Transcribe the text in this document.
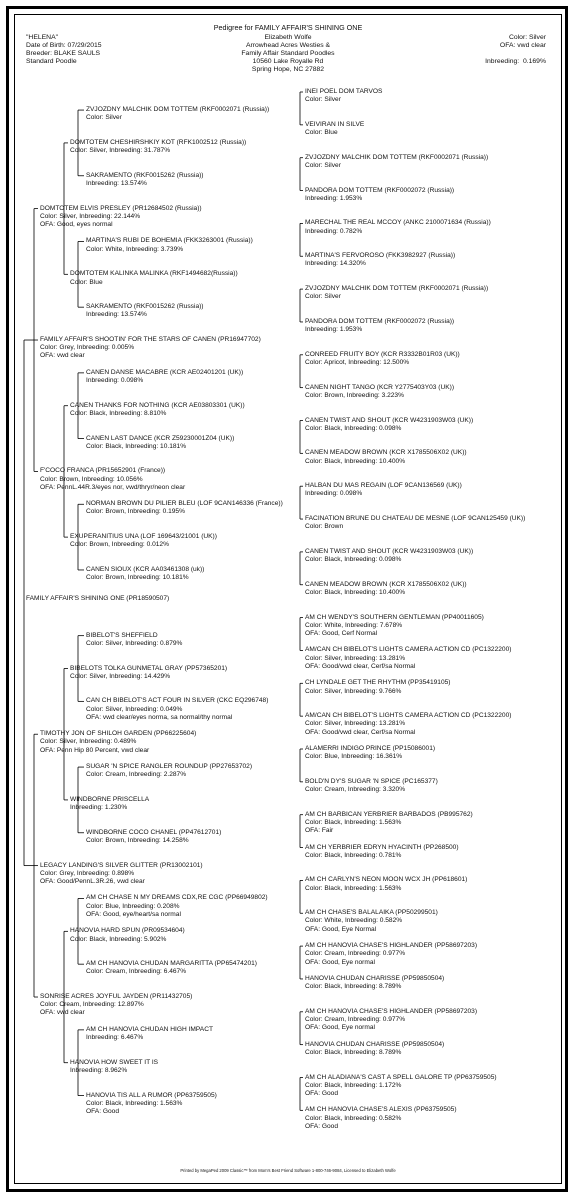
Pedigree for FAMILY AFFAIR'S SHINING ONE
"HELENA"
Date of Birth: 07/29/2015
Breeder: BLAKE SAULS
Standard Poodle
Elizabeth Wolfe
Arrowhead Acres Westies &
Family Affair Standard Poodles
10560 Lake Royalle Rd
Spring Hope, NC 27882
Color: Silver
OFA: vwd clear
Inbreeding: 0.169%
INEI POEL DOM TARVOS
Color: Silver
VEIVIRAN IN SILVE
Color: Blue
ZVJOZDNY MALCHIK DOM TOTTEM (RKF0002071 (Russia))
Color: Silver
PANDORA DOM TOTTEM (RKF0002072 (Russia))
Inbreeding: 1.953%
MARECHAL THE REAL MCCOY (ANKC 2100071634 (Russia))
Inbreeding: 0.782%
MARTINA'S FERVOROSO (FKK3982927 (Russia))
Inbreeding: 14.320%
ZVJOZDNY MALCHIK DOM TOTTEM (RKF0002071 (Russia))
Color: Silver
PANDORA DOM TOTTEM (RKF0002072 (Russia))
Inbreeding: 1.953%
CONREED FRUITY BOY (KCR R3332B01R03 (UK))
Color: Apricot, Inbreeding: 12.500%
CANEN NIGHT TANGO (KCR Y2775403Y03 (UK))
Color: Brown, Inbreeding: 3.223%
CANEN TWIST AND SHOUT (KCR W4231903W03 (UK))
Color: Black, Inbreeding: 0.098%
CANEN MEADOW BROWN (KCR X1785506X02 (UK))
Color: Black, Inbreeding: 10.400%
HALBAN DU MAS REGAIN (LOF 9CAN136569 (UK))
Inbreeding: 0.098%
FACINATION BRUNE DU CHATEAU DE MESNE (LOF 9CAN125459 (UK))
Color: Brown
CANEN TWIST AND SHOUT (KCR W4231903W03 (UK))
Color: Black, Inbreeding: 0.098%
CANEN MEADOW BROWN (KCR X1785506X02 (UK))
Color: Black, Inbreeding: 10.400%
AM CH WENDY'S SOUTHERN GENTLEMAN (PP40011605)
Color: White, Inbreeding: 7.678%
OFA: Good, Cerf Normal
AM/CAN CH BIBELOT'S LIGHTS CAMERA ACTION CD (PC1322200)
Color: Silver, Inbreeding: 13.281%
OFA: Good/vwd clear, Cerf/sa Normal
CH LYNDALE GET THE RHYTHM (PP35419105)
Color: Silver, Inbreeding: 9.766%
AM/CAN CH BIBELOT'S LIGHTS CAMERA ACTION CD (PC1322200)
Color: Silver, Inbreeding: 13.281%
OFA: Good/vwd clear, Cerf/sa Normal
ALAMERRI INDIGO PRINCE (PP15086001)
Color: Blue, Inbreeding: 16.361%
BOLD'N DY'S SUGAR 'N SPICE (PC165377)
Color: Cream, Inbreeding: 3.320%
AM CH BARBICAN YERBRIER BARBADOS (PB995762)
Color: Black, Inbreeding: 1.563%
OFA: Fair
AM CH YERBRIER EDRYN HYACINTH (PP268500)
Color: Black, Inbreeding: 0.781%
AM CH CARLYN'S NEON MOON WCX JH (PP618601)
Color: Black, Inbreeding: 1.563%
AM CH CHASE'S BALALAIKA (PP50299501)
Color: White, Inbreeding: 0.582%
OFA: Good, Eye Normal
AM CH HANOVIA CHASE'S HIGHLANDER (PP58697203)
Color: Cream, Inbreeding: 0.977%
OFA: Good, Eye normal
HANOVIA CHUDAN CHARISSE (PP59850504)
Color: Black, Inbreeding: 8.789%
AM CH HANOVIA CHASE'S HIGHLANDER (PP58697203)
Color: Cream, Inbreeding: 0.977%
OFA: Good, Eye normal
HANOVIA CHUDAN CHARISSE (PP59850504)
Color: Black, Inbreeding: 8.789%
AM CH ALADIANA'S CAST A SPELL GALORE TP (PP63759505)
Color: Black, Inbreeding: 1.172%
OFA: Good
AM CH HANOVIA CHASE'S ALEXIS (PP63759505)
Color: Black, Inbreeding: 0.582%
OFA: Good
ZVJOZDNY MALCHIK DOM TOTTEM (RKF0002071 (Russia))
Color: Silver
SAKRAMENTO (RKF0015262 (Russia))
Inbreeding: 13.574%
MARTINA'S RUBI DE BOHEMIA (FKK3263001 (Russia))
Color: White, Inbreeding: 3.739%
SAKRAMENTO (RKF0015262 (Russia))
Inbreeding: 13.574%
CANEN DANSE MACABRE (KCR AE02401201 (UK))
Inbreeding: 0.098%
CANEN LAST DANCE (KCR Z59230001Z04 (UK))
Color: Black, Inbreeding: 10.181%
NORMAN BROWN DU PILIER BLEU (LOF 9CAN146336 (France))
Color: Brown, Inbreeding: 0.195%
CANEN SIOUX (KCR AA03461308 (uk))
Color: Brown, Inbreeding: 10.181%
BIBELOT'S SHEFFIELD
Color: Silver, Inbreeding: 0.879%
CAN CH BIBELOT'S ACT FOUR IN SILVER (CKC EQ296748)
Color: Silver, Inbreeding: 0.049%
OFA: vwd clear/eyes norma, sa normal/thy normal
SUGAR 'N SPICE RANGLER ROUNDUP (PP27653702)
Color: Cream, Inbreeding: 2.287%
WINDBORNE COCO CHANEL (PP47612701)
Color: Brown, Inbreeding: 14.258%
AM CH CHASE N MY DREAMS CDX,RE CGC (PP66949802)
Color: Blue, Inbreeding: 0.208%
OFA: Good, eye/heart/sa normal
AM CH HANOVIA CHUDAN MARGARITTA (PP65474201)
Color: Cream, Inbreeding: 6.467%
AM CH HANOVIA CHUDAN HIGH IMPACT
Inbreeding: 6.467%
HANOVIA TIS ALL A RUMOR (PP63759505)
Color: Black, Inbreeding: 1.563%
OFA: Good
DOMTOTEM CHESHIRSHKIY KOT (RFK1002512 (Russia))
Color: Silver, Inbreeding: 31.787%
DOMTOTEM KALINKA MALINKA (RKF1494682(Russia))
Color: Blue
CANEN THANKS FOR NOTHING (KCR AE03803301 (UK))
Color: Black, Inbreeding: 8.810%
EXUPERANITIUS UNA (LOF 169643/21001 (UK))
Color: Brown, Inbreeding: 0.012%
BIBELOTS TOLKA GUNMETAL GRAY (PP57365201)
Color: Silver, Inbreeding: 14.429%
WINDBORNE PRISCELLA
Inbreeding: 1.230%
HANOVIA HARD SPUN (PR09534604)
Color: Black, Inbreeding: 5.902%
HANOVIA HOW SWEET IT IS
Inbreeding: 8.962%
DOMTOTEM ELVIS PRESLEY (PR12684502 (Russia))
Color: Silver, Inbreeding: 22.144%
OFA: Good, eyes normal
F'COCO FRANCA (PR15652901 (France))
Color: Brown, Inbreeding: 10.056%
OFA: PennL.44R.3/eyes nor, vwd/thryr/neon clear
TIMOTHY JON OF SHILOH GARDEN (PP66225604)
Color: Silver, Inbreeding: 0.489%
OFA: Penn Hip 80 Percent, vwd clear
SONRISE ACRES JOYFUL JAYDEN (PR11432705)
Color: Cream, Inbreeding: 12.897%
OFA: vwd clear
FAMILY AFFAIR'S SHOOTIN' FOR THE STARS OF CANEN (PR16947702)
Color: Grey, Inbreeding: 0.005%
OFA: vwd clear
LEGACY LANDING'S SILVER GLITTER (PR13002101)
Color: Grey, Inbreeding: 0.898%
OFA: Good/PennL.3R.26, vwd clear
FAMILY AFFAIR'S SHINING ONE (PR18590507)
Printed by MegaPed 2009 Classic™ from Mom's Best Friend Software 1-800-746-9084, Licensed to Elizabeth Wolfe
